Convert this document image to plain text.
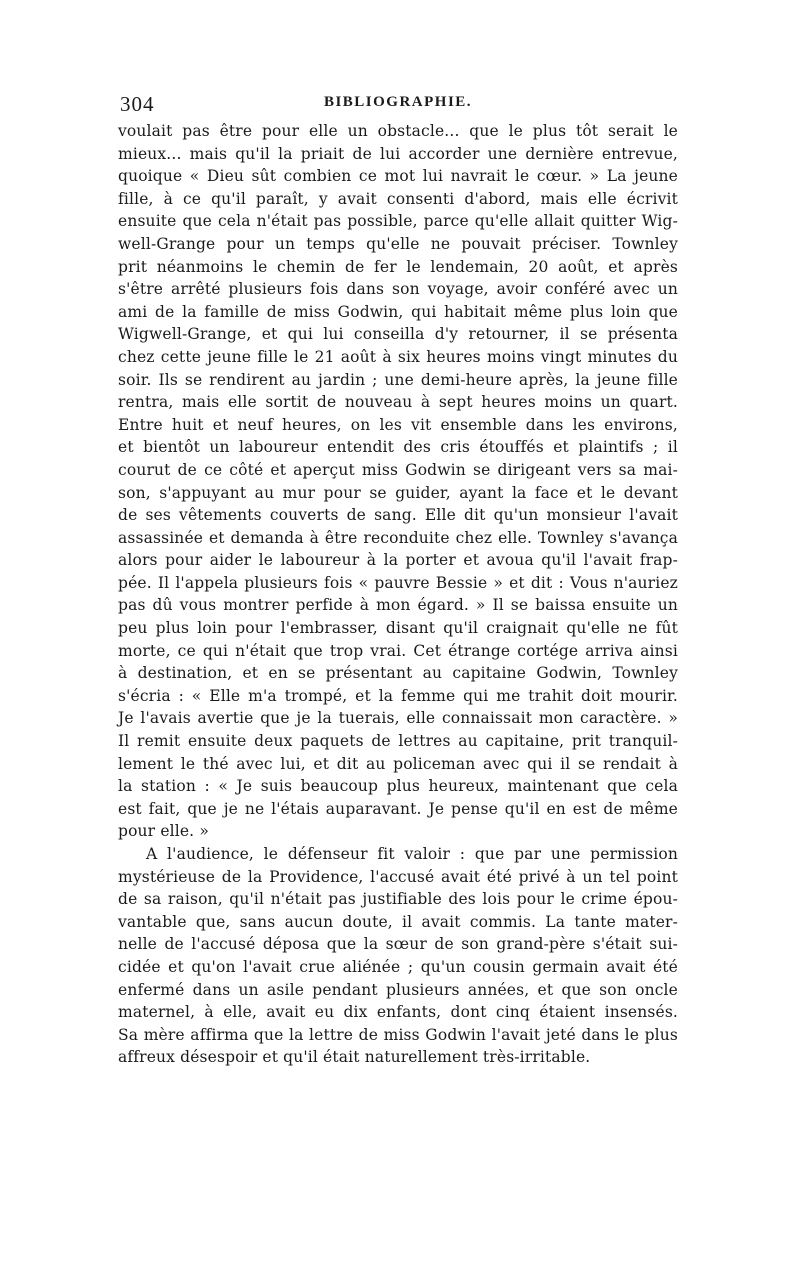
304	BIBLIOGRAPHIE.
voulait pas être pour elle un obstacle... que le plus tôt serait le
mieux... mais qu'il la priait de lui accorder une dernière entrevue,
quoique « Dieu sût combien ce mot lui navrait le cœur. » La jeune
fille, à ce qu'il paraît, y avait consenti d'abord, mais elle écrivit
ensuite que cela n'était pas possible, parce qu'elle allait quitter Wig-
well-Grange pour un temps qu'elle ne pouvait préciser. Townley
prit néanmoins le chemin de fer le lendemain, 20 août, et après
s'être arrêté plusieurs fois dans son voyage, avoir conféré avec un
ami de la famille de miss Godwin, qui habitait même plus loin que
Wigwell-Grange, et qui lui conseilla d'y retourner, il se présenta
chez cette jeune fille le 21 août à six heures moins vingt minutes du
soir. Ils se rendirent au jardin ; une demi-heure après, la jeune fille
rentra, mais elle sortit de nouveau à sept heures moins un quart.
Entre huit et neuf heures, on les vit ensemble dans les environs,
et bientôt un laboureur entendit des cris étouffés et plaintifs ; il
courut de ce côté et aperçut miss Godwin se dirigeant vers sa mai-
son, s'appuyant au mur pour se guider, ayant la face et le devant
de ses vêtements couverts de sang. Elle dit qu'un monsieur l'avait
assassinée et demanda à être reconduite chez elle. Townley s'avança
alors pour aider le laboureur à la porter et avoua qu'il l'avait frap-
pée. Il l'appela plusieurs fois « pauvre Bessie » et dit : Vous n'auriez
pas dû vous montrer perfide à mon égard. » Il se baissa ensuite un
peu plus loin pour l'embrasser, disant qu'il craignait qu'elle ne fût
morte, ce qui n'était que trop vrai. Cet étrange cortége arriva ainsi
à destination, et en se présentant au capitaine Godwin, Townley
s'écria : « Elle m'a trompé, et la femme qui me trahit doit mourir.
Je l'avais avertie que je la tuerais, elle connaissait mon caractère. »
Il remit ensuite deux paquets de lettres au capitaine, prit tranquil-
lement le thé avec lui, et dit au policeman avec qui il se rendait à
la station : « Je suis beaucoup plus heureux, maintenant que cela
est fait, que je ne l'étais auparavant. Je pense qu'il en est de même
pour elle. »
A l'audience, le défenseur fit valoir : que par une permission
mystérieuse de la Providence, l'accusé avait été privé à un tel point
de sa raison, qu'il n'était pas justifiable des lois pour le crime épou-
vantable que, sans aucun doute, il avait commis. La tante mater-
nelle de l'accusé déposa que la sœur de son grand-père s'était sui-
cidée et qu'on l'avait crue aliénée ; qu'un cousin germain avait été
enfermé dans un asile pendant plusieurs années, et que son oncle
maternel, à elle, avait eu dix enfants, dont cinq étaient insensés.
Sa mère affirma que la lettre de miss Godwin l'avait jeté dans le plus
affreux désespoir et qu'il était naturellement très-irritable.
